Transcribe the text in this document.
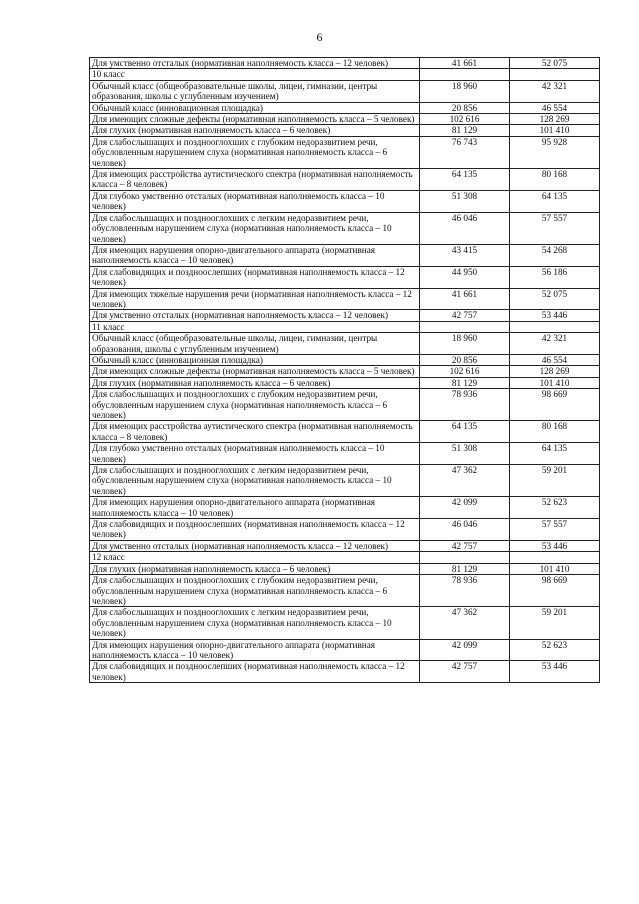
6
Для умственно отсталых (нормативная наполняемость класса – 12 человек)	41 661	52 075
10 класс		
Обычный класс (общеобразовательные школы, лицеи, гимназии, центры образования, школы с углубленным изучением)	18 960	42 321
Обычный класс (инновационная площадка)	20 856	46 554
Для имеющих сложные дефекты (нормативная наполняемость класса – 5 человек)	102 616	128 269
Для глухих (нормативная наполняемость класса – 6 человек)	81 129	101 410
Для слабослышащих и позднооглохших с глубоким недоразвитием речи, обусловленным нарушением слуха (нормативная наполняемость класса – 6 человек)	76 743	95 928
Для имеющих расстройства аутистического спектра (нормативная наполняемость класса – 8 человек)	64 135	80 168
Для глубоко умственно отсталых (нормативная наполняемость класса – 10 человек)	51 308	64 135
Для слабослышащих и позднооглохших с легким недоразвитием речи, обусловленным нарушением слуха (нормативная наполняемость класса – 10 человек)	46 046	57 557
Для имеющих нарушения опорно-двигательного аппарата (нормативная наполняемость класса – 10 человек)	43 415	54 268
Для слабовидящих и поздноослепших (нормативная наполняемость класса – 12 человек)	44 950	56 186
Для имеющих тяжелые нарушения речи (нормативная наполняемость класса – 12 человек)	41 661	52 075
Для умственно отсталых (нормативная наполняемость класса – 12 человек)	42 757	53 446
11 класс		
Обычный класс (общеобразовательные школы, лицеи, гимназии, центры образования, школы с углубленным изучением)	18 960	42 321
Обычный класс (инновационная площадка)	20 856	46 554
Для имеющих сложные дефекты (нормативная наполняемость класса – 5 человек)	102 616	128 269
Для глухих (нормативная наполняемость класса – 6 человек)	81 129	101 410
Для слабослышащих и позднооглохших с глубоким недоразвитием речи, обусловленным нарушением слуха (нормативная наполняемость класса – 6 человек)	78 936	98 669
Для имеющих расстройства аутистического спектра (нормативная наполняемость класса – 8 человек)	64 135	80 168
Для глубоко умственно отсталых (нормативная наполняемость класса – 10 человек)	51 308	64 135
Для слабослышащих и позднооглохших с легким недоразвитием речи, обусловленным нарушением слуха (нормативная наполняемость класса – 10 человек)	47 362	59 201
Для имеющих нарушения опорно-двигательного аппарата (нормативная наполняемость класса – 10 человек)	42 099	52 623
Для слабовидящих и поздноослепших (нормативная наполняемость класса – 12 человек)	46 046	57 557
Для умственно отсталых (нормативная наполняемость класса – 12 человек)	42 757	53 446
12 класс		
Для глухих (нормативная наполняемость класса – 6 человек)	81 129	101 410
Для слабослышащих и позднооглохших с глубоким недоразвитием речи, обусловленным нарушением слуха (нормативная наполняемость класса – 6 человек)	78 936	98 669
Для слабослышащих и позднооглохших с легким недоразвитием речи, обусловленным нарушением слуха (нормативная наполняемость класса – 10 человек)	47 362	59 201
Для имеющих нарушения опорно-двигательного аппарата (нормативная наполняемость класса – 10 человек)	42 099	52 623
Для слабовидящих и поздноослепших (нормативная наполняемость класса – 12 человек)	42 757	53 446
